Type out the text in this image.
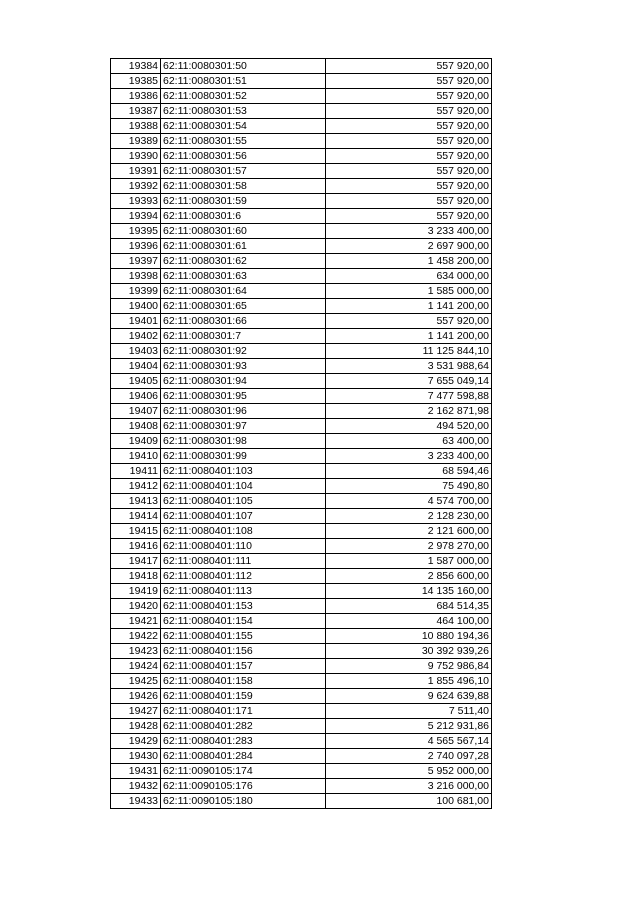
19384	62:11:0080301:50	557 920,00
19385	62:11:0080301:51	557 920,00
19386	62:11:0080301:52	557 920,00
19387	62:11:0080301:53	557 920,00
19388	62:11:0080301:54	557 920,00
19389	62:11:0080301:55	557 920,00
19390	62:11:0080301:56	557 920,00
19391	62:11:0080301:57	557 920,00
19392	62:11:0080301:58	557 920,00
19393	62:11:0080301:59	557 920,00
19394	62:11:0080301:6	557 920,00
19395	62:11:0080301:60	3 233 400,00
19396	62:11:0080301:61	2 697 900,00
19397	62:11:0080301:62	1 458 200,00
19398	62:11:0080301:63	634 000,00
19399	62:11:0080301:64	1 585 000,00
19400	62:11:0080301:65	1 141 200,00
19401	62:11:0080301:66	557 920,00
19402	62:11:0080301:7	1 141 200,00
19403	62:11:0080301:92	11 125 844,10
19404	62:11:0080301:93	3 531 988,64
19405	62:11:0080301:94	7 655 049,14
19406	62:11:0080301:95	7 477 598,88
19407	62:11:0080301:96	2 162 871,98
19408	62:11:0080301:97	494 520,00
19409	62:11:0080301:98	63 400,00
19410	62:11:0080301:99	3 233 400,00
19411	62:11:0080401:103	68 594,46
19412	62:11:0080401:104	75 490,80
19413	62:11:0080401:105	4 574 700,00
19414	62:11:0080401:107	2 128 230,00
19415	62:11:0080401:108	2 121 600,00
19416	62:11:0080401:110	2 978 270,00
19417	62:11:0080401:111	1 587 000,00
19418	62:11:0080401:112	2 856 600,00
19419	62:11:0080401:113	14 135 160,00
19420	62:11:0080401:153	684 514,35
19421	62:11:0080401:154	464 100,00
19422	62:11:0080401:155	10 880 194,36
19423	62:11:0080401:156	30 392 939,26
19424	62:11:0080401:157	9 752 986,84
19425	62:11:0080401:158	1 855 496,10
19426	62:11:0080401:159	9 624 639,88
19427	62:11:0080401:171	7 511,40
19428	62:11:0080401:282	5 212 931,86
19429	62:11:0080401:283	4 565 567,14
19430	62:11:0080401:284	2 740 097,28
19431	62:11:0090105:174	5 952 000,00
19432	62:11:0090105:176	3 216 000,00
19433	62:11:0090105:180	100 681,00
